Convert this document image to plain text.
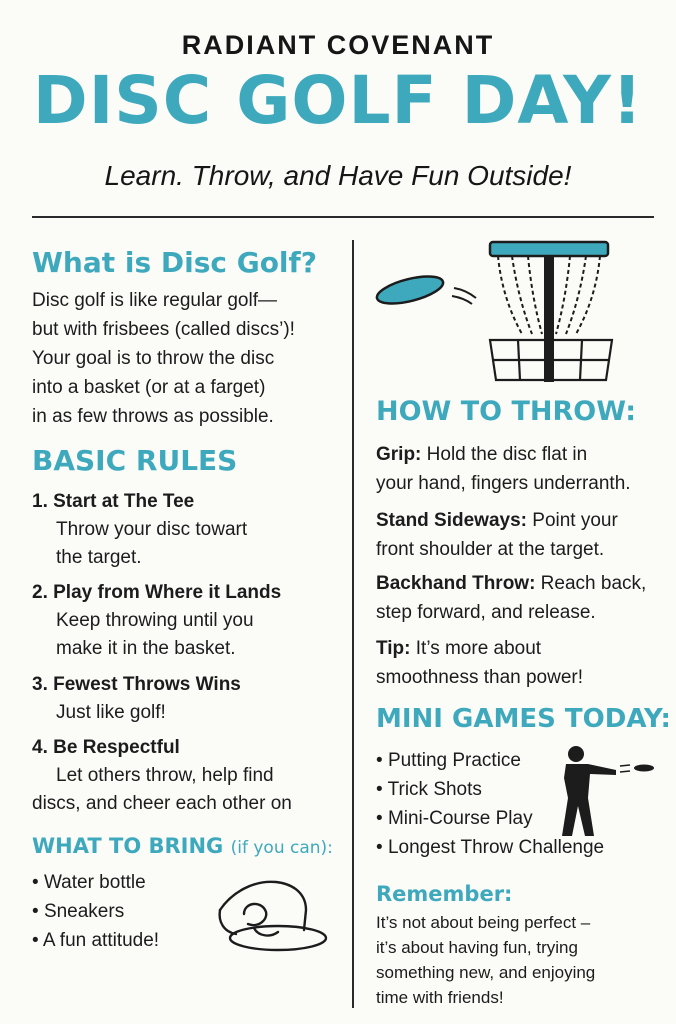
RADIANT COVENANT
DISC GOLF DAY!
Learn. Throw, and Have Fun Outside!
What is Disc Golf?
Disc golf is like regular golf—
but with frisbees (called discs’)!
Your goal is to throw the disc
into a basket (or at a farget)
in as few throws as possible.
BASIC RULES
1. Start at The Tee
Throw your disc towart
the target.
2. Play from Where it Lands
Keep throwing until you
make it in the basket.
3. Fewest Throws Wins
Just like golf!
4. Be Respectful
Let others throw, help find
discs, and cheer each other on
WHAT TO BRING (if you can):
• Water bottle
• Sneakers
• A fun attitude!
HOW TO THROW:
Grip: Hold the disc flat in
your hand, fingers underranth.
Stand Sideways: Point your
front shoulder at the target.
Backhand Throw: Reach back,
step forward, and release.
Tip: It’s more about
smoothness than power!
MINI GAMES TODAY:
• Putting Practice
• Trick Shots
• Mini-Course Play
• Longest Throw Challenge
Remember:
It’s not about being perfect –
it’s about having fun, trying
something new, and enjoying
time with friends!
